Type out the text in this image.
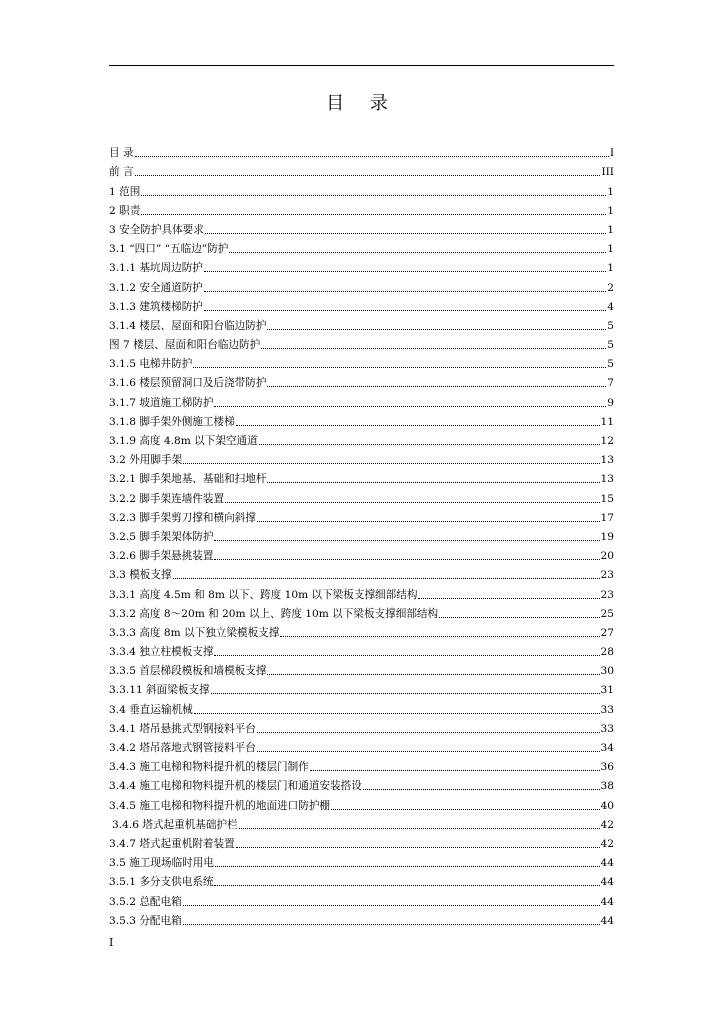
目 录
目 录	I
前 言	III
1 范围	1
2 职责	1
3 安全防护具体要求	1
3.1 “四口” “五临边”防护	1
3.1.1 基坑周边防护	1
3.1.2 安全通道防护	2
3.1.3 建筑楼梯防护	4
3.1.4 楼层、屋面和阳台临边防护	5
图 7 楼层、屋面和阳台临边防护	5
3.1.5 电梯井防护	5
3.1.6 楼层预留洞口及后浇带防护	7
3.1.7 坡道施工梯防护	9
3.1.8 脚手架外侧施工楼梯	11
3.1.9 高度 4.8m 以下架空通道	12
3.2 外用脚手架	13
3.2.1 脚手架地基、基础和扫地杆	13
3.2.2 脚手架连墙件装置	15
3.2.3 脚手架剪刀撑和横向斜撑	17
3.2.5 脚手架架体防护	19
3.2.6 脚手架悬挑装置	20
3.3 模板支撑	23
3.3.1 高度 4.5m 和 8m 以下、跨度 10m 以下梁板支撑细部结构	23
3.3.2 高度 8～20m 和 20m 以上、跨度 10m 以下梁板支撑细部结构	25
3.3.3 高度 8m 以下独立梁模板支撑	27
3.3.4 独立柱模板支撑	28
3.3.5 首层梯段模板和墙模板支撑	30
3.3.11 斜面梁板支撑	31
3.4 垂直运输机械	33
3.4.1 塔吊悬挑式型钢接料平台	33
3.4.2 塔吊落地式钢管接料平台	34
3.4.3 施工电梯和物料提升机的楼层门制作	36
3.4.4 施工电梯和物料提升机的楼层门和通道安装搭设	38
3.4.5 施工电梯和物料提升机的地面进口防护棚	40
3.4.6 塔式起重机基础护栏	42
3.4.7 塔式起重机附着装置	42
3.5 施工现场临时用电	44
3.5.1 多分支供电系统	44
3.5.2 总配电箱	44
3.5.3 分配电箱	44
I
